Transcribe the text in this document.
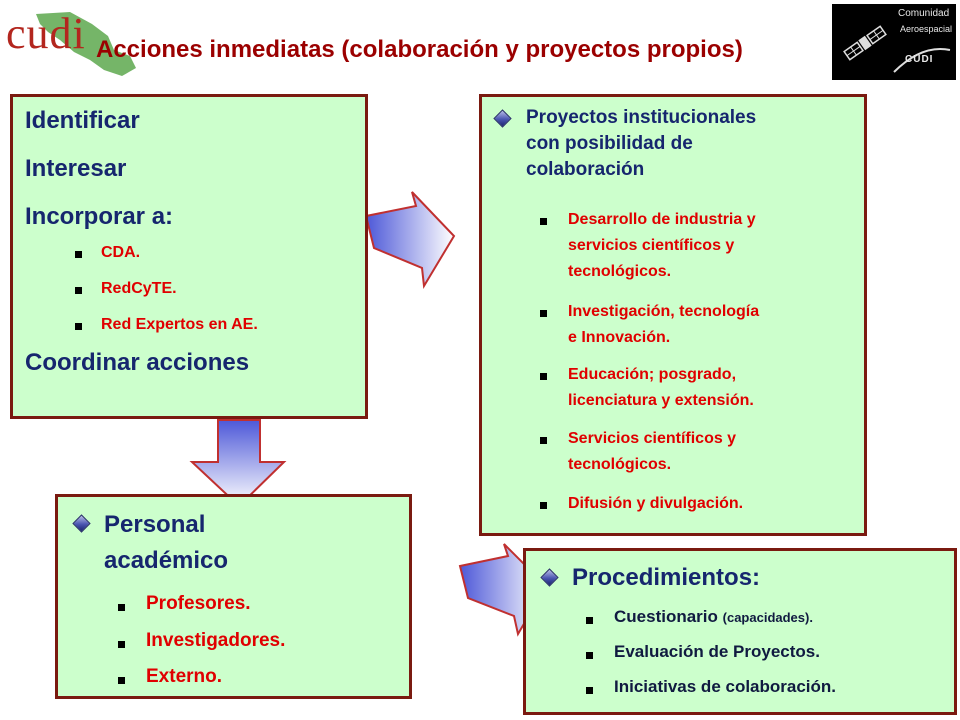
cudi Acciones inmediatas (colaboración y proyectos propios)
Comunidad
Aeroespacial
CUDI
Identificar
Interesar
Incorporar a:
CDA.
RedCyTE.
Red Expertos en AE.
Coordinar acciones
Proyectos institucionales
con posibilidad de
colaboración
Desarrollo de industria y
servicios científicos y
tecnológicos.
Investigación, tecnología
e Innovación.
Educación; posgrado,
licenciatura y extensión.
Servicios científicos y
tecnológicos.
Difusión y divulgación.
Personal
académico
Profesores.
Investigadores.
Externo.
Procedimientos:
Cuestionario (capacidades).
Evaluación de Proyectos.
Iniciativas de colaboración.
